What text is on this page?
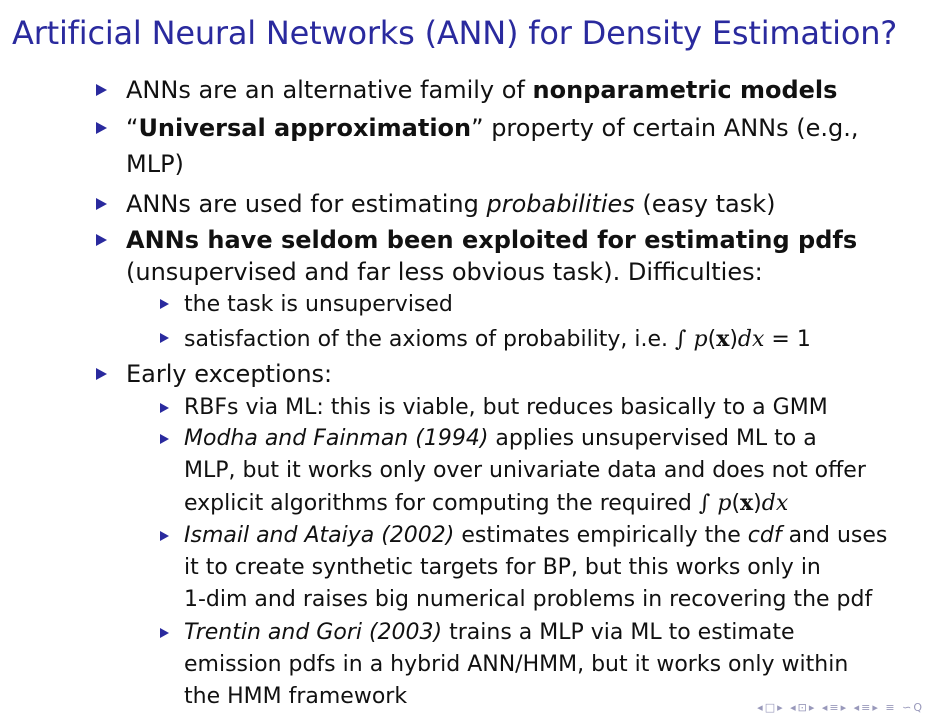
Artificial Neural Networks (ANN) for Density Estimation?
ANNs are an alternative family of nonparametric models
“Universal approximation” property of certain ANNs (e.g.,
MLP)
ANNs are used for estimating probabilities (easy task)
ANNs have seldom been exploited for estimating pdfs
(unsupervised and far less obvious task). Difficulties:
the task is unsupervised
satisfaction of the axioms of probability, i.e. ∫ p(x)dx = 1
Early exceptions:
RBFs via ML: this is viable, but reduces basically to a GMM
Modha and Fainman (1994) applies unsupervised ML to a
MLP, but it works only over univariate data and does not offer
explicit algorithms for computing the required ∫ p(x)dx
Ismail and Ataiya (2002) estimates empirically the cdf and uses
it to create synthetic targets for BP, but this works only in
1-dim and raises big numerical problems in recovering the pdf
Trentin and Gori (2003) trains a MLP via ML to estimate
emission pdfs in a hybrid ANN/HMM, but it works only within
the HMM framework	◂□▸ ◂⊡▸ ◂≡▸ ◂≡▸ ≡ ∽Q
